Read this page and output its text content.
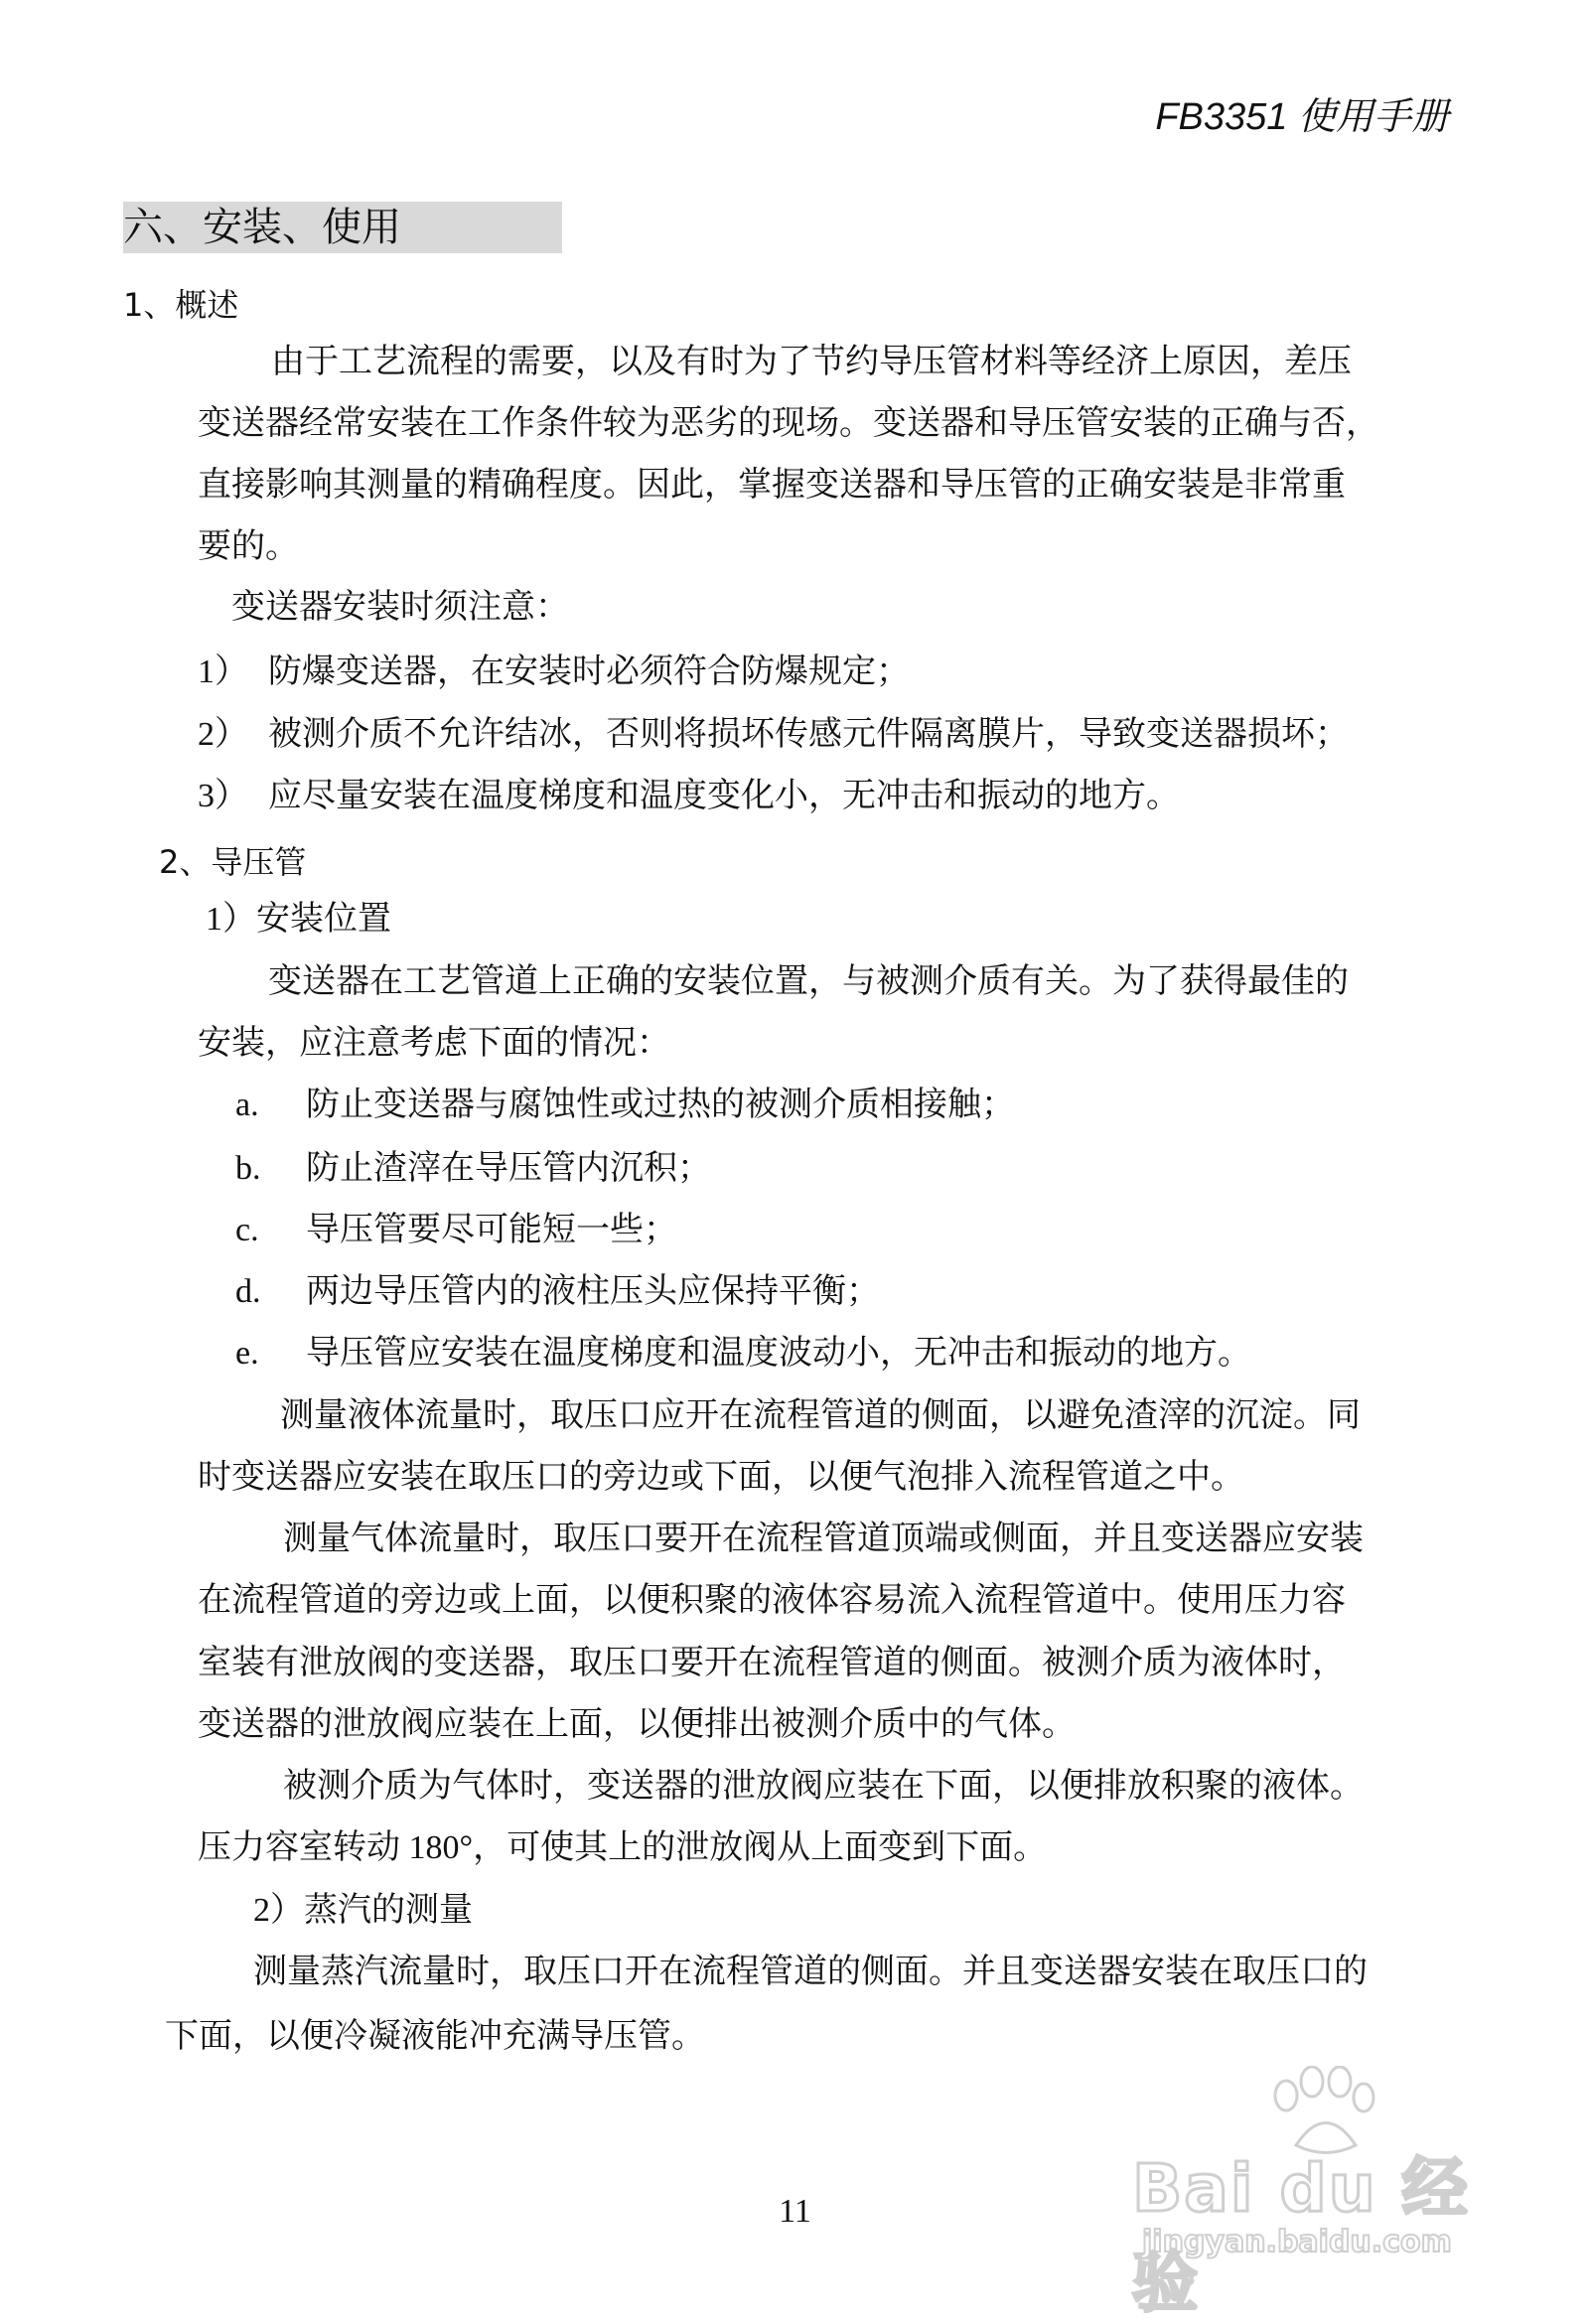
FB3351 使用手册
六、安装、使用
1、概述
由于工艺流程的需要，以及有时为了节约导压管材料等经济上原因，差压
变送器经常安装在工作条件较为恶劣的现场。变送器和导压管安装的正确与否，
直接影响其测量的精确程度。因此，掌握变送器和导压管的正确安装是非常重
要的。
变送器安装时须注意：
1） 防爆变送器，在安装时必须符合防爆规定；
2） 被测介质不允许结冰，否则将损坏传感元件隔离膜片，导致变送器损坏；
3） 应尽量安装在温度梯度和温度变化小，无冲击和振动的地方。
2、导压管
1）安装位置
变送器在工艺管道上正确的安装位置，与被测介质有关。为了获得最佳的
安装，应注意考虑下面的情况：
a. 防止变送器与腐蚀性或过热的被测介质相接触；
b. 防止渣滓在导压管内沉积；
c. 导压管要尽可能短一些；
d. 两边导压管内的液柱压头应保持平衡；
e. 导压管应安装在温度梯度和温度波动小，无冲击和振动的地方。
测量液体流量时，取压口应开在流程管道的侧面，以避免渣滓的沉淀。同
时变送器应安装在取压口的旁边或下面，以便气泡排入流程管道之中。
测量气体流量时，取压口要开在流程管道顶端或侧面，并且变送器应安装
在流程管道的旁边或上面，以便积聚的液体容易流入流程管道中。使用压力容
室装有泄放阀的变送器，取压口要开在流程管道的侧面。被测介质为液体时，
变送器的泄放阀应装在上面，以便排出被测介质中的气体。
被测介质为气体时，变送器的泄放阀应装在下面，以便排放积聚的液体。
压力容室转动 180°，可使其上的泄放阀从上面变到下面。
2）蒸汽的测量
测量蒸汽流量时，取压口开在流程管道的侧面。并且变送器安装在取压口的
下面，以便冷凝液能冲充满导压管。
11	Bai du 经验
jingyan.baidu.com
